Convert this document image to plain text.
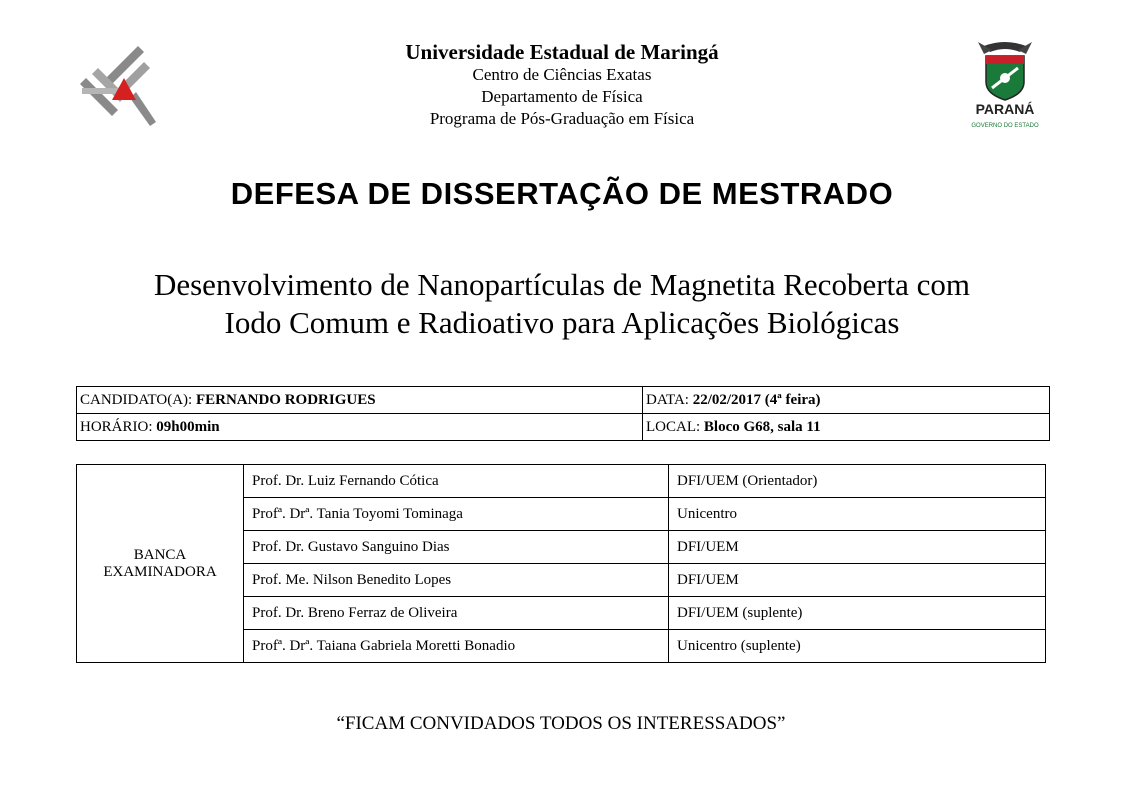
PARANÁ
GOVERNO DO ESTADO
Universidade Estadual de Maringá
Centro de Ciências Exatas
Departamento de Física
Programa de Pós-Graduação em Física
DEFESA DE DISSERTAÇÃO DE MESTRADO
Desenvolvimento de Nanopartículas de Magnetita Recoberta com
Iodo Comum e Radioativo para Aplicações Biológicas
CANDIDATO(A): FERNANDO RODRIGUES	DATA: 22/02/2017 (4ª feira)
HORÁRIO: 09h00min	LOCAL: Bloco G68, sala 11
BANCA
EXAMINADORA	Prof. Dr. Luiz Fernando Cótica	DFI/UEM (Orientador)
	Profª. Drª. Tania Toyomi Tominaga	Unicentro
	Prof. Dr. Gustavo Sanguino Dias	DFI/UEM
	Prof. Me. Nilson Benedito Lopes	DFI/UEM
	Prof. Dr. Breno Ferraz de Oliveira	DFI/UEM (suplente)
	Profª. Drª. Taiana Gabriela Moretti Bonadio	Unicentro (suplente)
“FICAM CONVIDADOS TODOS OS INTERESSADOS”
